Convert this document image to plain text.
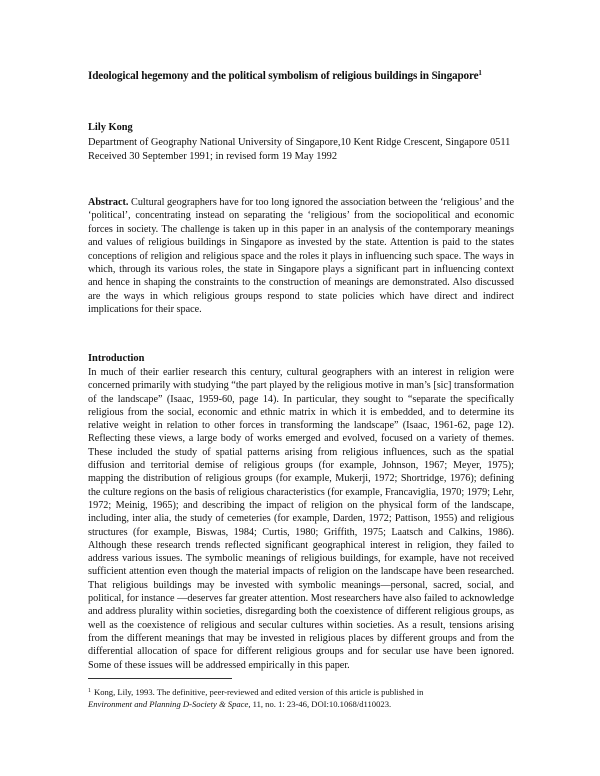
Ideological hegemony and the political symbolism of religious buildings in Singapore$^1$
Lily Kong
Department of Geography National University of Singapore,10 Kent Ridge Crescent, Singapore 0511
Received 30 September 1991; in revised form 19 May 1992
Abstract. Cultural geographers have for too long ignored the association between the ‘religious’ and the ‘political’, concentrating instead on separating the ‘religious’ from the sociopolitical and economic forces in society. The challenge is taken up in this paper in an analysis of the contemporary meanings and values of religious buildings in Singapore as invested by the state. Attention is paid to the states conceptions of religion and religious space and the roles it plays in influencing such space. The ways in which, through its various roles, the state in Singapore plays a significant part in influencing context and hence in shaping the constraints to the construction of meanings are demonstrated. Also discussed are the ways in which religious groups respond to state policies which have direct and indirect implications for their space.
Introduction
In much of their earlier research this century, cultural geographers with an interest in religion were concerned primarily with studying “the part played by the religious motive in man’s [sic] transformation of the landscape” (Isaac, 1959-60, page 14). In particular, they sought to “separate the specifically religious from the social, economic and ethnic matrix in which it is embedded, and to determine its relative weight in relation to other forces in transforming the landscape” (Isaac, 1961-62, page 12). Reflecting these views, a large body of works emerged and evolved, focused on a variety of themes. These included the study of spatial patterns arising from religious influences, such as the spatial diffusion and territorial demise of religious groups (for example, Johnson, 1967; Meyer, 1975); mapping the distribution of religious groups (for example, Mukerji, 1972; Shortridge, 1976); defining the culture regions on the basis of religious characteristics (for example, Francaviglia, 1970; 1979; Lehr, 1972; Meinig, 1965); and describing the impact of religion on the physical form of the landscape, including, inter alia, the study of cemeteries (for example, Darden, 1972; Pattison, 1955) and religious structures (for example, Biswas, 1984; Curtis, 1980; Griffith, 1975; Laatsch and Calkins, 1986). Although these research trends reflected significant geographical interest in religion, they failed to address various issues. The symbolic meanings of religious buildings, for example, have not received sufficient attention even though the material impacts of religion on the landscape have been researched. That religious buildings may be invested with symbolic meanings—personal, sacred, social, and political, for instance —deserves far greater attention. Most researchers have also failed to acknowledge and address plurality within societies, disregarding both the coexistence of different religious groups, as well as the coexistence of religious and secular cultures within societies. As a result, tensions arising from the different meanings that may be invested in religious places by different groups and from the differential allocation of space for different religious groups and for secular use have been ignored. Some of these issues will be addressed empirically in this paper.
$^1$ Kong, Lily, 1993. The definitive, peer-reviewed and edited version of this article is published in
Environment and Planning D-Society & Space, 11, no. 1: 23-46, DOI:10.1068/d110023.
